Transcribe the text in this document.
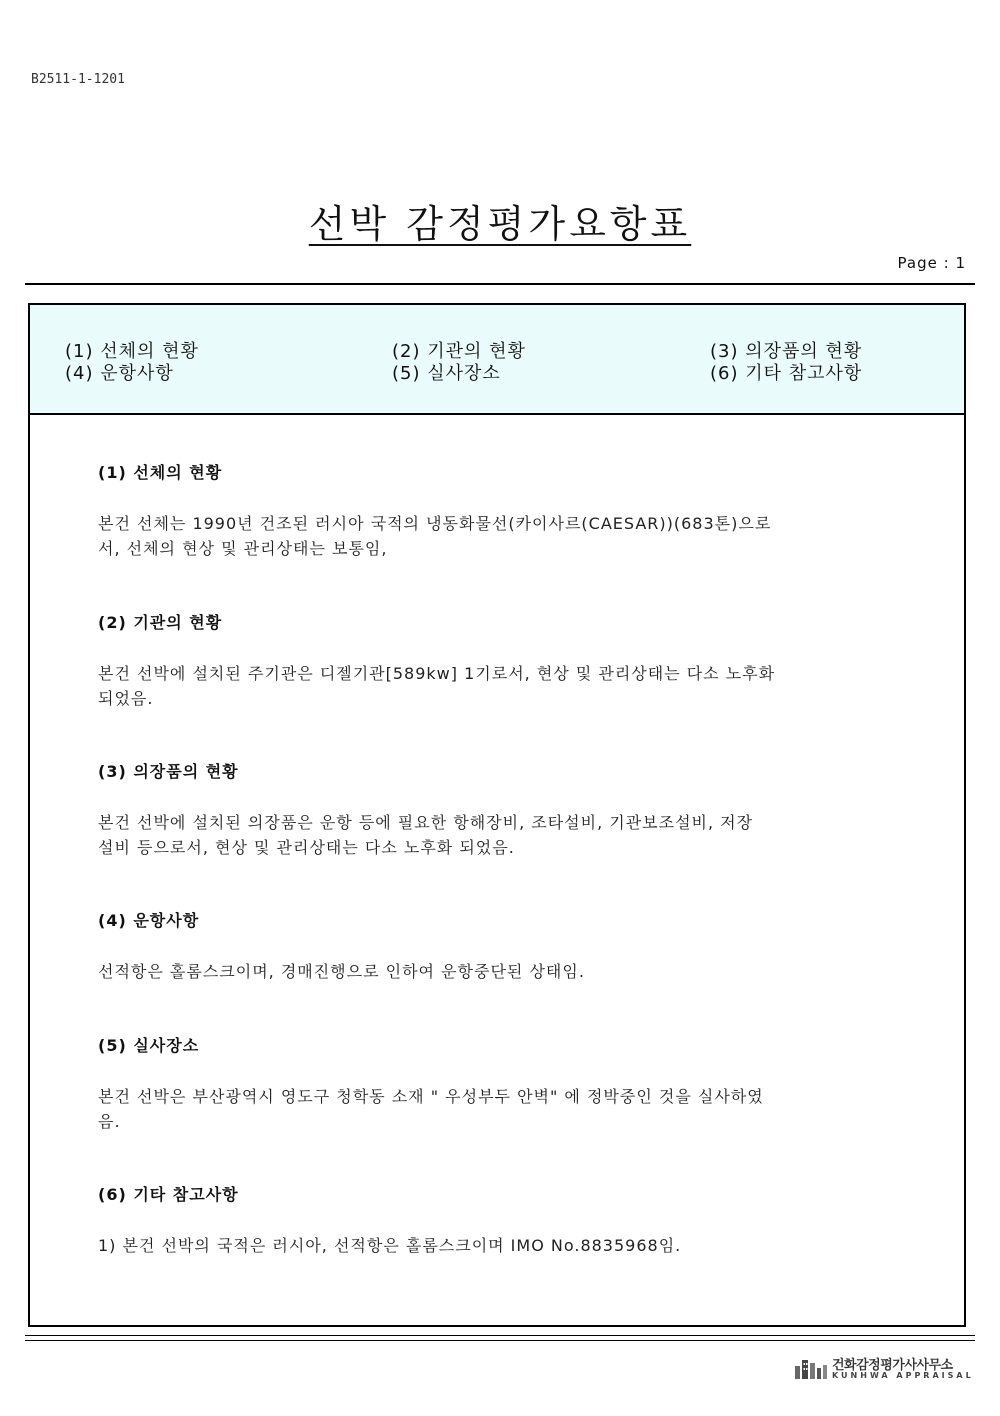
B2511-1-1201
선박 감정평가요항표
Page : 1
(1) 선체의 현황	(2) 기관의 현황	(3) 의장품의 현황
(4) 운항사항	(5) 실사장소	(6) 기타 참고사항
(1) 선체의 현황

본건 선체는 1990년 건조된 러시아 국적의 냉동화물선(카이사르(CAESAR))(683톤)으로
서, 선체의 현상 및 관리상태는 보통임,

(2) 기관의 현황

본건 선박에 설치된 주기관은 디젤기관[589kw] 1기로서, 현상 및 관리상태는 다소 노후화
되었음.

(3) 의장품의 현황

본건 선박에 설치된 의장품은 운항 등에 필요한 항해장비, 조타설비, 기관보조설비, 저장
설비 등으로서, 현상 및 관리상태는 다소 노후화 되었음.

(4) 운항사항

선적항은 홀롬스크이며, 경매진행으로 인하여 운항중단된 상태임.

(5) 실사장소

본건 선박은 부산광역시 영도구 청학동 소재 " 우성부두 안벽" 에 정박중인 것을 실사하였
음.

(6) 기타 참고사항

1) 본건 선박의 국적은 러시아, 선적항은 홀롬스크이며 IMO No.8835968임.

건화감정평가사사무소
KUNHWA APPRAISAL
